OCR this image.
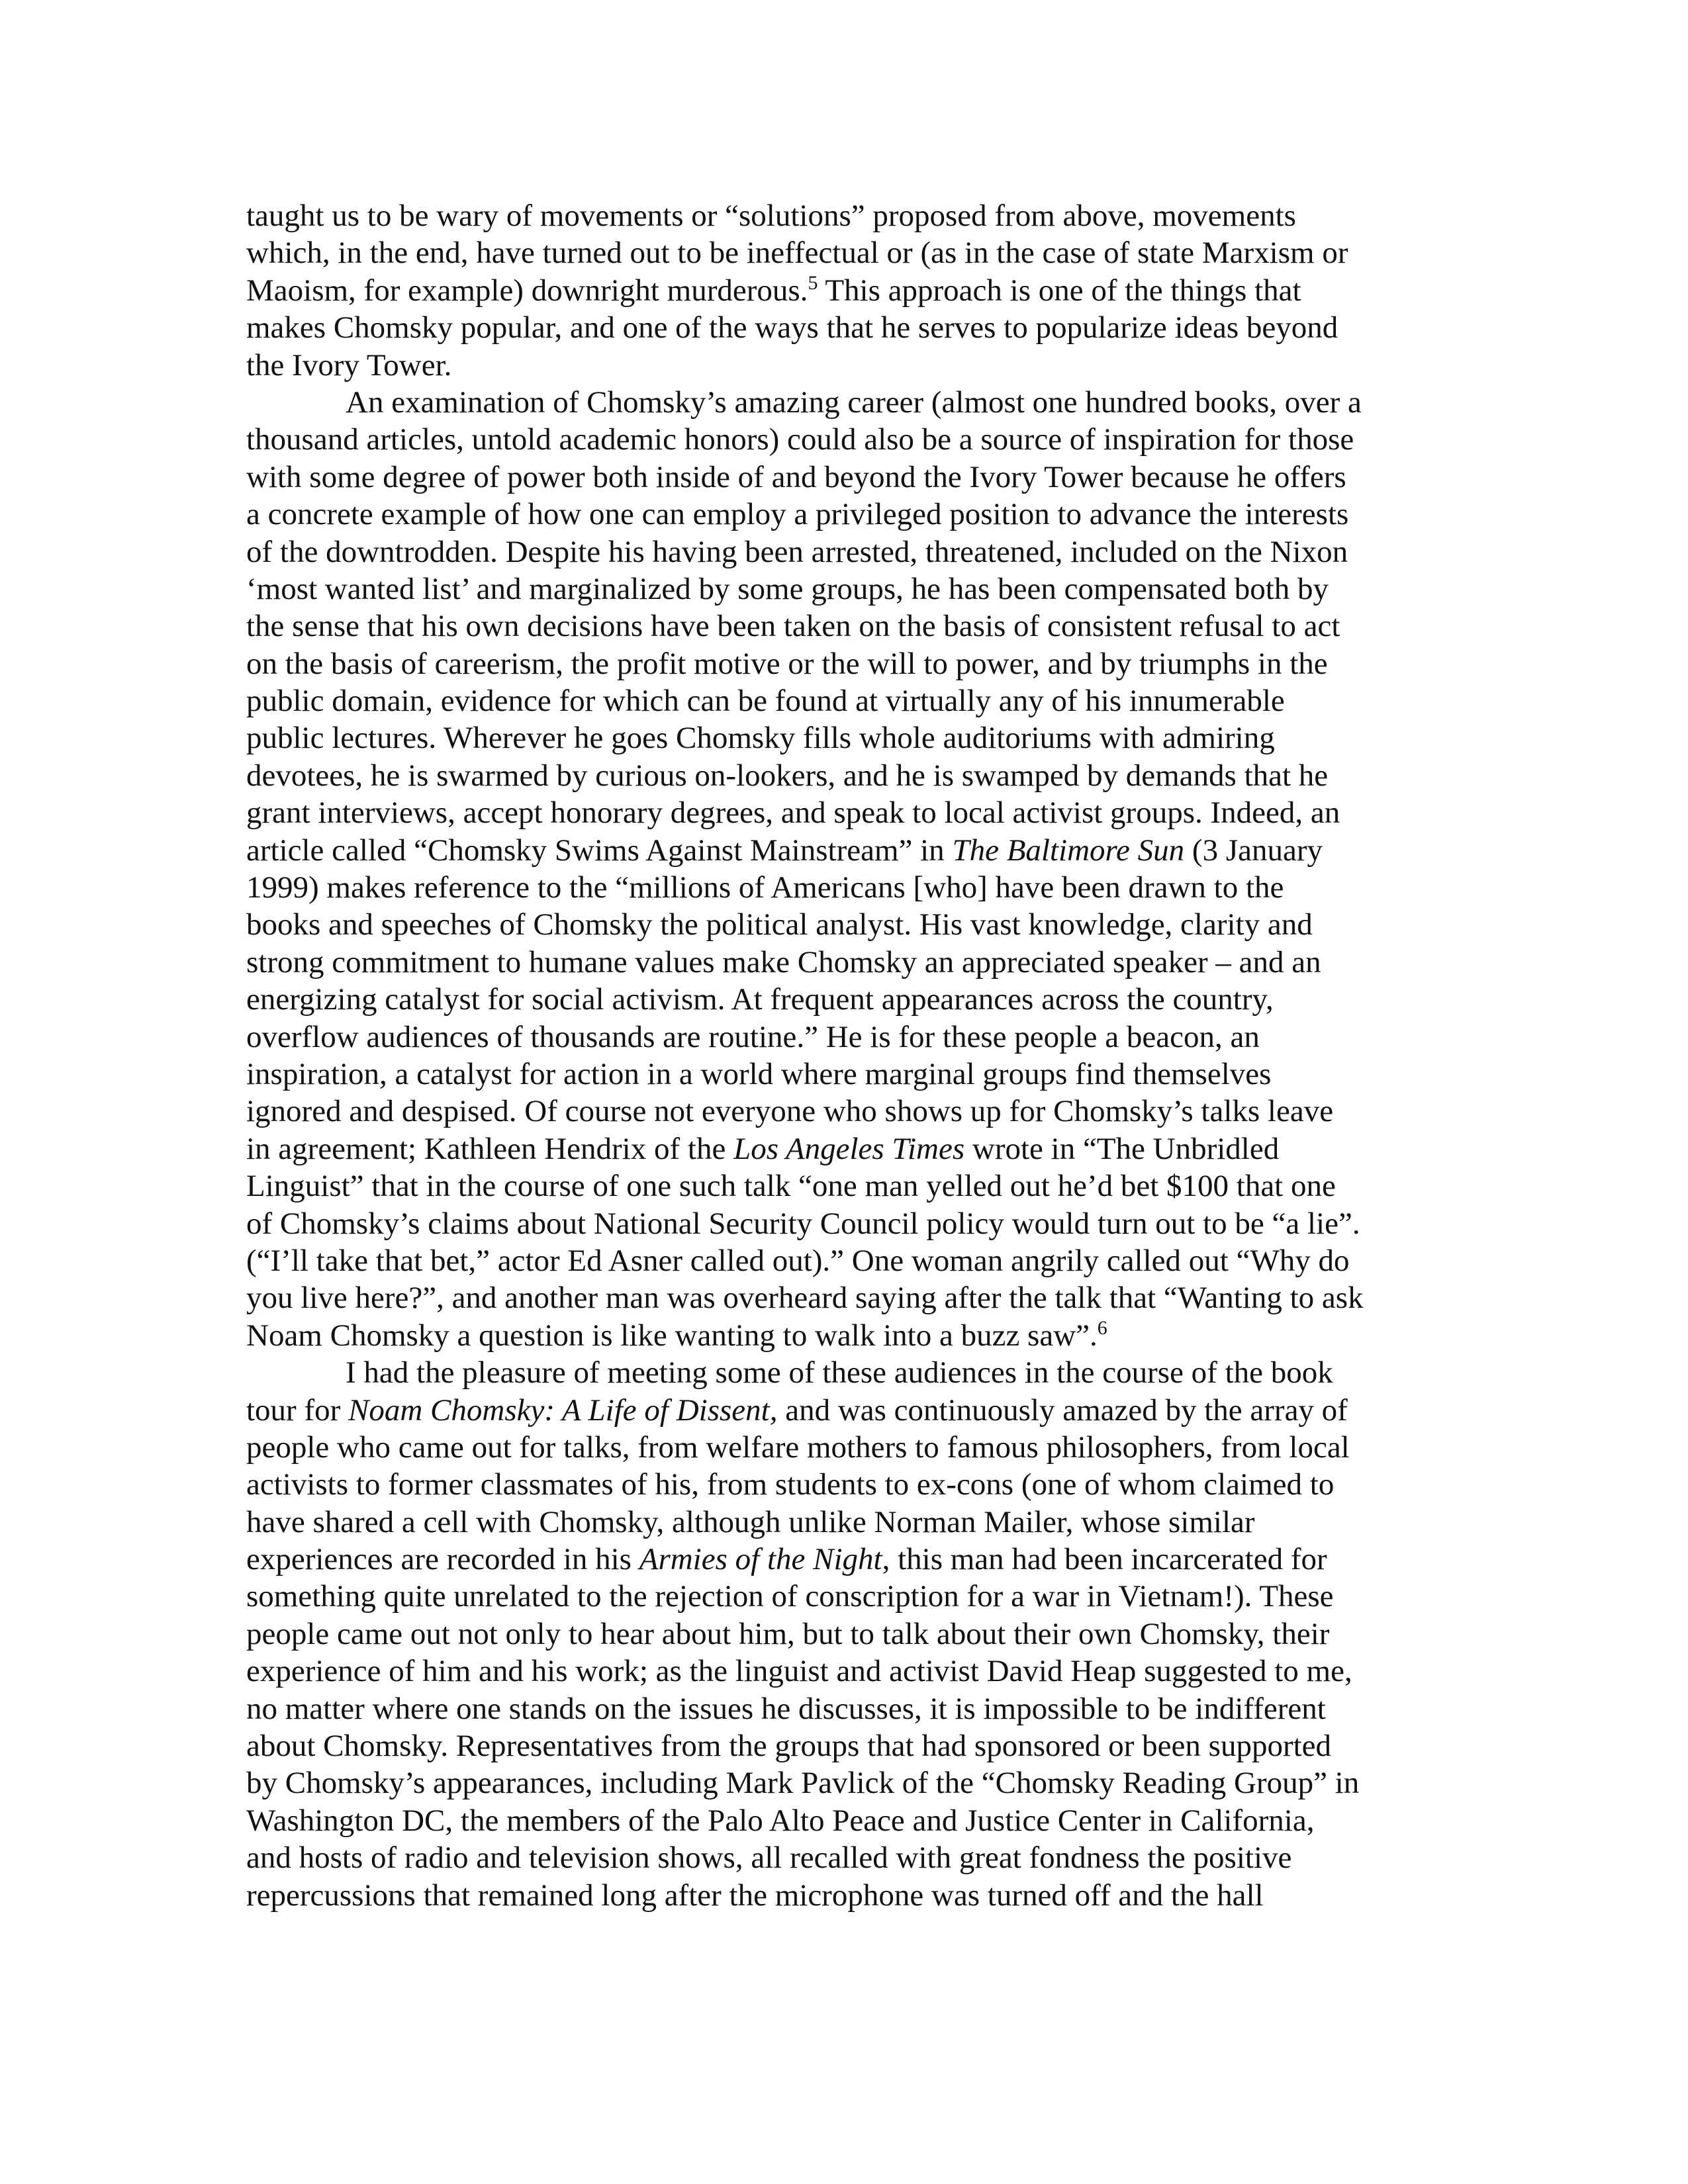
taught us to be wary of movements or “solutions” proposed from above, movements
which, in the end, have turned out to be ineffectual or (as in the case of state Marxism or
Maoism, for example) downright murderous.$^5$ This approach is one of the things that
makes Chomsky popular, and one of the ways that he serves to popularize ideas beyond
the Ivory Tower.
An examination of Chomsky’s amazing career (almost one hundred books, over a
thousand articles, untold academic honors) could also be a source of inspiration for those
with some degree of power both inside of and beyond the Ivory Tower because he offers
a concrete example of how one can employ a privileged position to advance the interests
of the downtrodden. Despite his having been arrested, threatened, included on the Nixon
‘most wanted list’ and marginalized by some groups, he has been compensated both by
the sense that his own decisions have been taken on the basis of consistent refusal to act
on the basis of careerism, the profit motive or the will to power, and by triumphs in the
public domain, evidence for which can be found at virtually any of his innumerable
public lectures. Wherever he goes Chomsky fills whole auditoriums with admiring
devotees, he is swarmed by curious on-lookers, and he is swamped by demands that he
grant interviews, accept honorary degrees, and speak to local activist groups. Indeed, an
article called “Chomsky Swims Against Mainstream” in The Baltimore Sun (3 January
1999) makes reference to the “millions of Americans [who] have been drawn to the
books and speeches of Chomsky the political analyst. His vast knowledge, clarity and
strong commitment to humane values make Chomsky an appreciated speaker – and an
energizing catalyst for social activism. At frequent appearances across the country,
overflow audiences of thousands are routine.” He is for these people a beacon, an
inspiration, a catalyst for action in a world where marginal groups find themselves
ignored and despised. Of course not everyone who shows up for Chomsky’s talks leave
in agreement; Kathleen Hendrix of the Los Angeles Times wrote in “The Unbridled
Linguist” that in the course of one such talk “one man yelled out he’d bet $100 that one
of Chomsky’s claims about National Security Council policy would turn out to be “a lie”.
(“I’ll take that bet,” actor Ed Asner called out).” One woman angrily called out “Why do
you live here?”, and another man was overheard saying after the talk that “Wanting to ask
Noam Chomsky a question is like wanting to walk into a buzz saw”.$^6$
I had the pleasure of meeting some of these audiences in the course of the book
tour for Noam Chomsky: A Life of Dissent, and was continuously amazed by the array of
people who came out for talks, from welfare mothers to famous philosophers, from local
activists to former classmates of his, from students to ex-cons (one of whom claimed to
have shared a cell with Chomsky, although unlike Norman Mailer, whose similar
experiences are recorded in his Armies of the Night, this man had been incarcerated for
something quite unrelated to the rejection of conscription for a war in Vietnam!). These
people came out not only to hear about him, but to talk about their own Chomsky, their
experience of him and his work; as the linguist and activist David Heap suggested to me,
no matter where one stands on the issues he discusses, it is impossible to be indifferent
about Chomsky. Representatives from the groups that had sponsored or been supported
by Chomsky’s appearances, including Mark Pavlick of the “Chomsky Reading Group” in
Washington DC, the members of the Palo Alto Peace and Justice Center in California,
and hosts of radio and television shows, all recalled with great fondness the positive
repercussions that remained long after the microphone was turned off and the hall
